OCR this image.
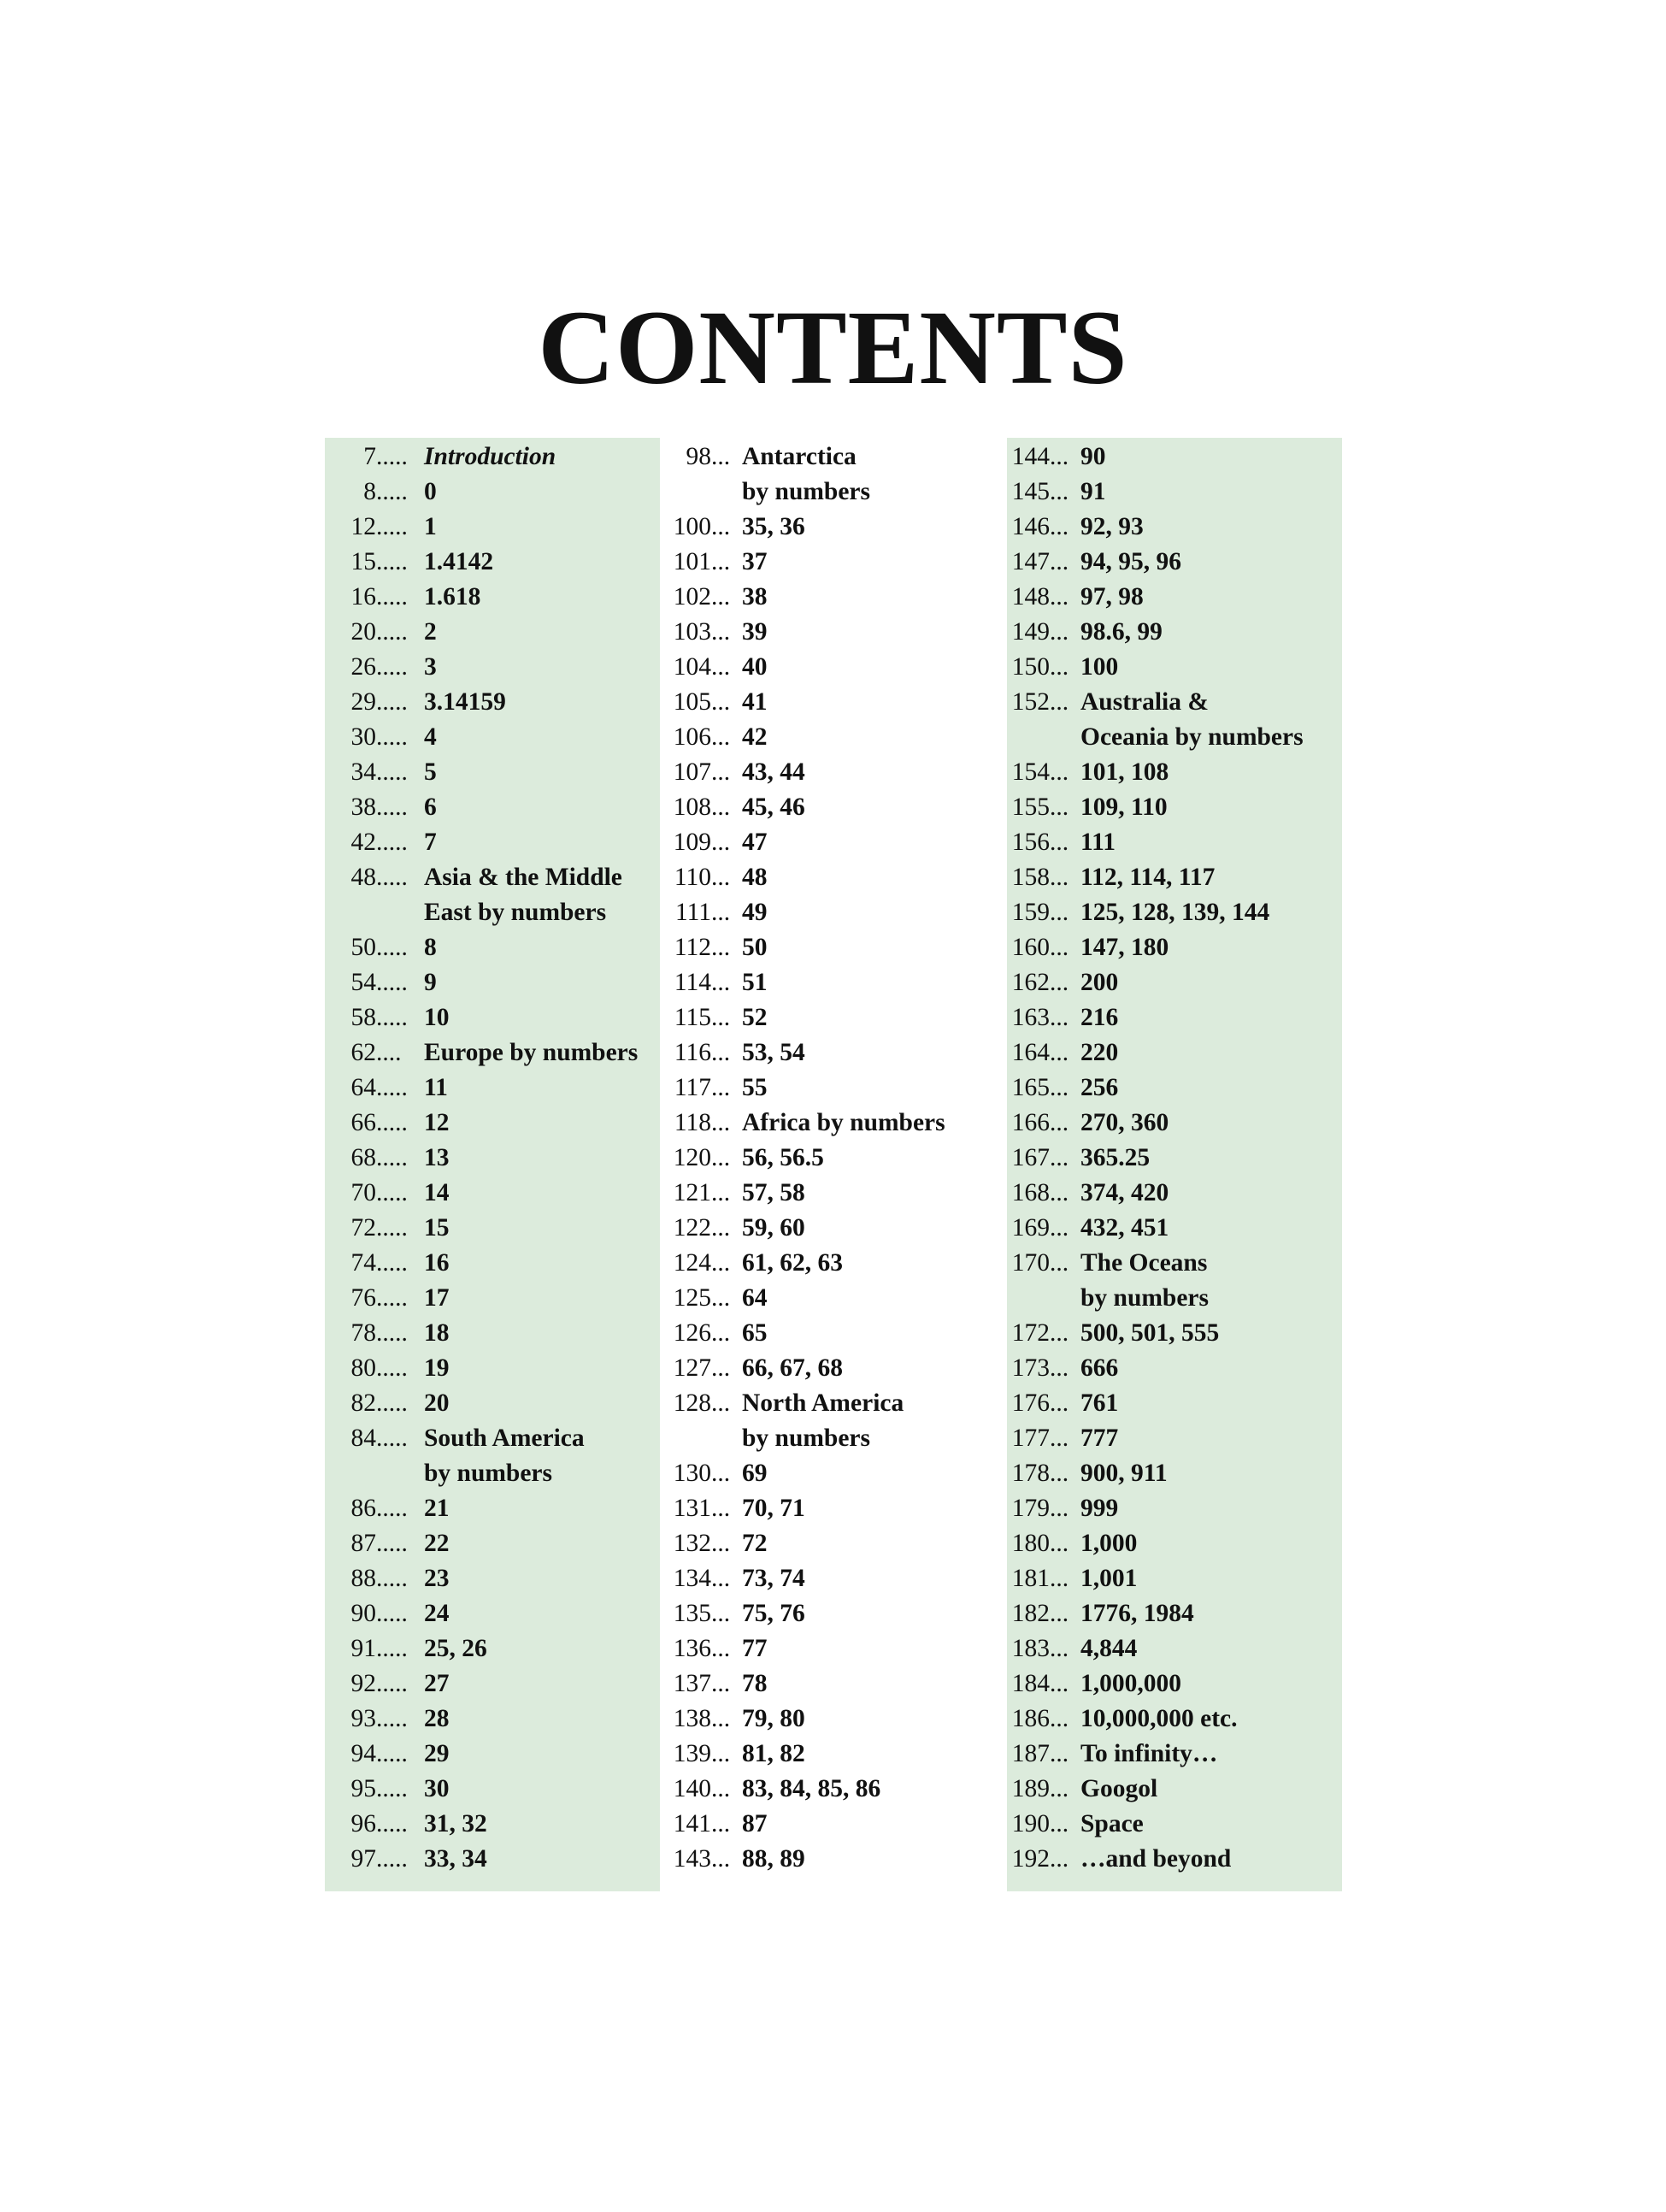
CONTENTS
7..... Introduction
8..... 0
12..... 1
15..... 1.4142
16..... 1.618
20..... 2
26..... 3
29..... 3.14159
30..... 4
34..... 5
38..... 6
42..... 7
48..... Asia & the Middle
East by numbers
50..... 8
54..... 9
58..... 10
62.... Europe by numbers
64..... 11
66..... 12
68..... 13
70..... 14
72..... 15
74..... 16
76..... 17
78..... 18
80..... 19
82..... 20
84..... South America
by numbers
86..... 21
87..... 22
88..... 23
90..... 24
91..... 25, 26
92..... 27
93..... 28
94..... 29
95..... 30
96..... 31, 32
97..... 33, 34
98... Antarctica
by numbers
100... 35, 36
101... 37
102... 38
103... 39
104... 40
105... 41
106... 42
107... 43, 44
108... 45, 46
109... 47
110... 48
111... 49
112... 50
114... 51
115... 52
116... 53, 54
117... 55
118... Africa by numbers
120... 56, 56.5
121... 57, 58
122... 59, 60
124... 61, 62, 63
125... 64
126... 65
127... 66, 67, 68
128... North America
by numbers
130... 69
131... 70, 71
132... 72
134... 73, 74
135... 75, 76
136... 77
137... 78
138... 79, 80
139... 81, 82
140... 83, 84, 85, 86
141... 87
143... 88, 89
144... 90
145... 91
146... 92, 93
147... 94, 95, 96
148... 97, 98
149... 98.6, 99
150... 100
152... Australia &
Oceania by numbers
154... 101, 108
155... 109, 110
156... 111
158... 112, 114, 117
159... 125, 128, 139, 144
160... 147, 180
162... 200
163... 216
164... 220
165... 256
166... 270, 360
167... 365.25
168... 374, 420
169... 432, 451
170... The Oceans
by numbers
172... 500, 501, 555
173... 666
176... 761
177... 777
178... 900, 911
179... 999
180... 1,000
181... 1,001
182... 1776, 1984
183... 4,844
184... 1,000,000
186... 10,000,000 etc.
187... To infinity…
189... Googol
190... Space
192... …and beyond
